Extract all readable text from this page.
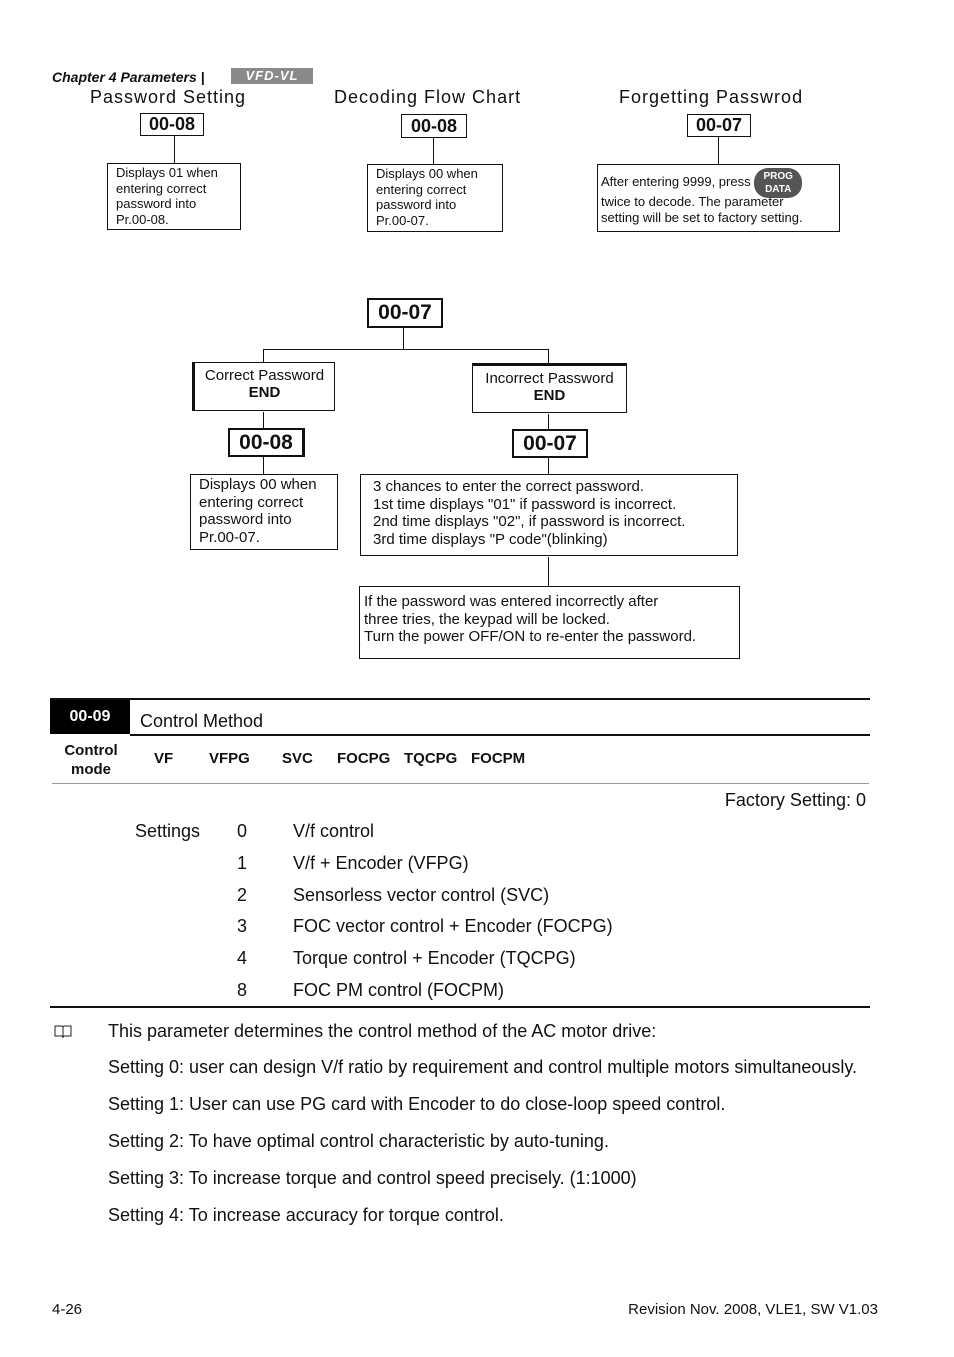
Chapter 4 Parameters |	VFD-VL
Password Setting	Decoding Flow Chart	Forgetting Passwrod
00-08	00-08	00-07
Displays 01 when
entering correct
password into
Pr.00-08.
Displays 00 when
entering correct
password into
Pr.00-07.
After entering 9999, press PROG
DATA
twice to decode. The parameter
setting will be set to factory setting.
00-07
Correct Password
END
Incorrect Password
END
00-08	00-07
Displays 00 when
entering correct
password into
Pr.00-07.
3 chances to enter the correct password.
1st time displays "01" if password is incorrect.
2nd time displays "02", if password is incorrect.
3rd time displays "P code"(blinking)
If the password was entered incorrectly after
three tries, the keypad will be locked.
Turn the power OFF/ON to re-enter the password.
00-09	Control Method
Control
mode
VF VFPG SVC FOCPG TQCPG FOCPM
Factory Setting: 0
Settings 0	V/f control
1	V/f + Encoder (VFPG)
2	Sensorless vector control (SVC)
3	FOC vector control + Encoder (FOCPG)
4	Torque control + Encoder (TQCPG)
8	FOC PM control (FOCPM)
This parameter determines the control method of the AC motor drive:
Setting 0: user can design V/f ratio by requirement and control multiple motors simultaneously.
Setting 1: User can use PG card with Encoder to do close-loop speed control.
Setting 2: To have optimal control characteristic by auto-tuning.
Setting 3: To increase torque and control speed precisely. (1:1000)
Setting 4: To increase accuracy for torque control.
4-26	Revision Nov. 2008, VLE1, SW V1.03
